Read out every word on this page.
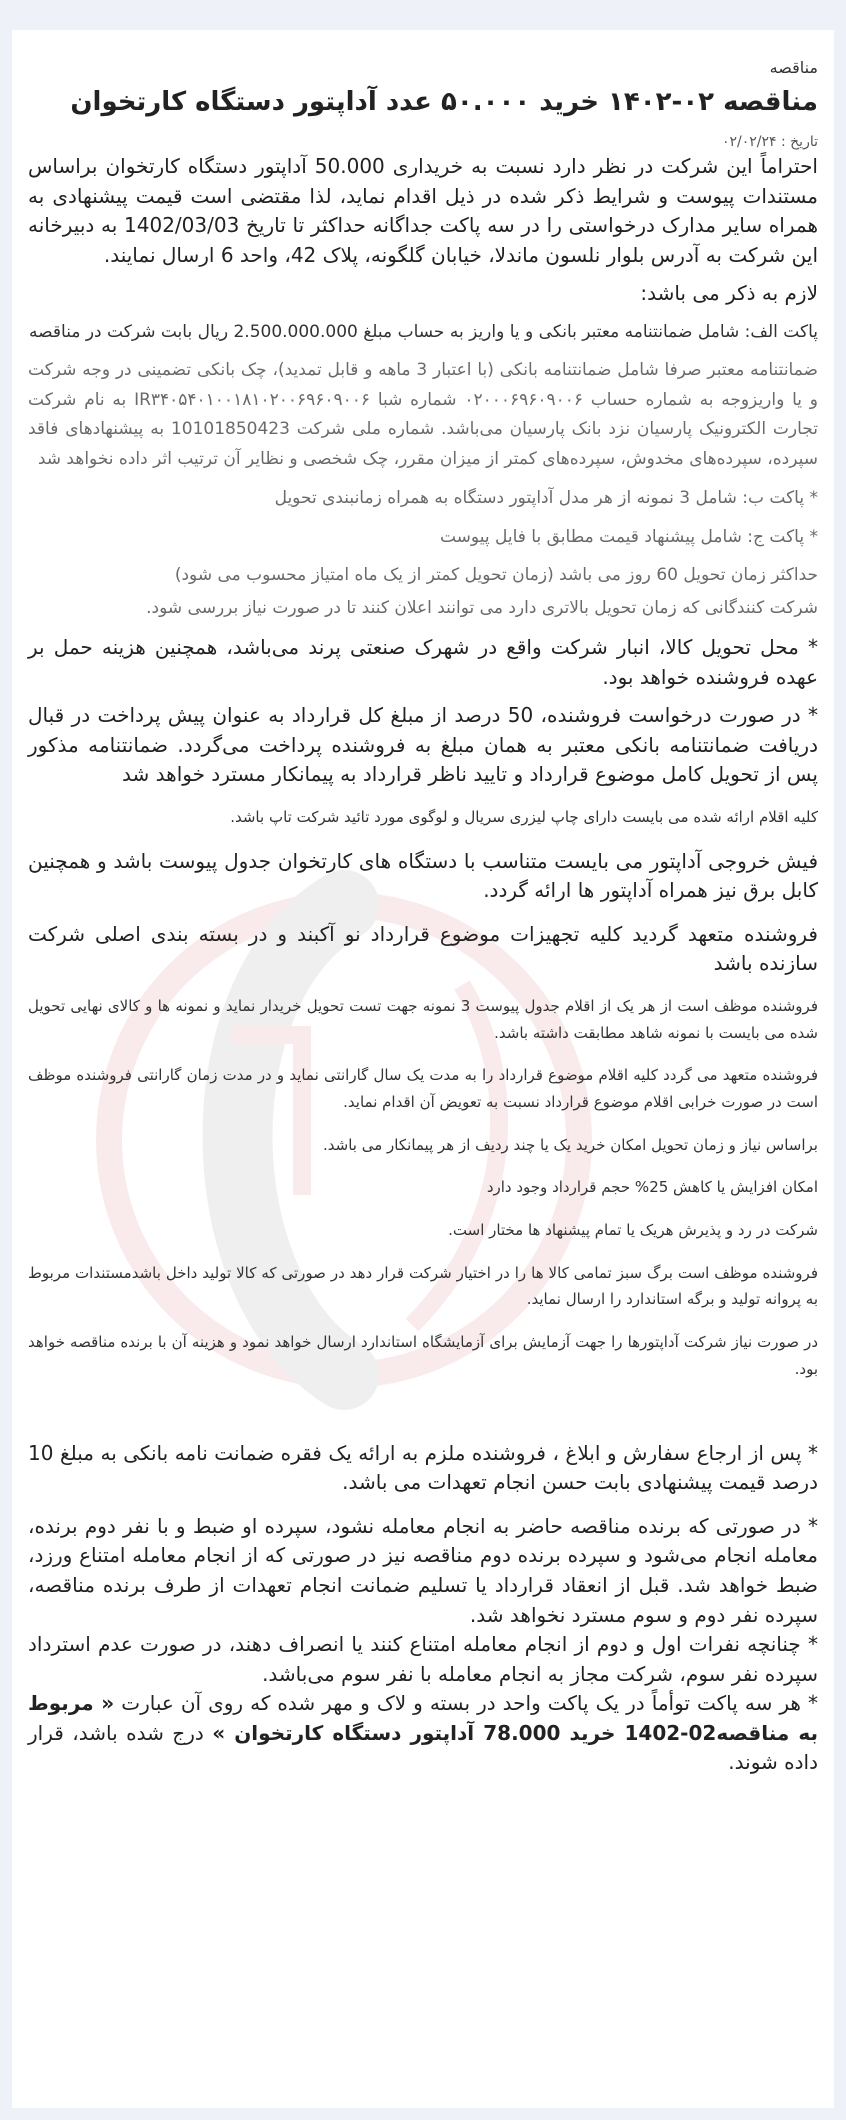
مناقصه
مناقصه ۰۲-۱۴۰۲ خرید ۵۰.۰۰۰ عدد آداپتور دستگاه کارتخوان
تاریخ : ۰۲/۰۲/۲۴

احتراماً این شرکت در نظر دارد نسبت به خریداری 50.000 آداپتور دستگاه کارتخوان براساس مستندات پیوست و شرایط ذکر شده در ذیل اقدام نماید، لذا مقتضی است قیمت پیشنهادی به همراه سایر مدارک درخواستی را در سه پاکت جداگانه حداکثر تا تاریخ 1402/03/03 به دبیرخانه این شرکت به آدرس بلوار نلسون ماندلا، خیابان گلگونه، پلاک 42، واحد 6 ارسال نمایند.

لازم به ذکر می باشد:

پاکت الف: شامل ضمانتنامه معتبر بانکی و یا واریز به حساب مبلغ 2.500.000.000 ریال بابت شرکت در مناقصه

ضمانتنامه معتبر صرفا شامل ضمانتنامه بانکی (با اعتبار 3 ماهه و قابل تمدید)، چک بانکی تضمینی در وجه شرکت و یا واریزوجه به شماره حساب ۰۲۰۰۰۶۹۶۰۹۰۰۶ شماره شبا IR۳۴۰۵۴۰۱۰۰۱۸۱۰۲۰۰۶۹۶۰۹۰۰۶ به نام شرکت تجارت الکترونیک پارسیان نزد بانک پارسیان می‌باشد. شماره ملی شرکت 10101850423 به پیشنهادهای فاقد سپرده، سپرده‌های مخدوش، سپرده‌های کمتر از میزان مقرر، چک شخصی و نظایر آن ترتیب اثر داده نخواهد شد

* پاکت ب: شامل 3 نمونه از هر مدل آداپتور دستگاه به همراه زمانبندی تحویل

* پاکت ج: شامل پیشنهاد قیمت مطابق با فایل پیوست

حداکثر زمان تحویل 60 روز می باشد (زمان تحویل کمتر از یک ماه امتیاز محسوب می شود)

شرکت کنندگانی که زمان تحویل بالاتری دارد می توانند اعلان کنند تا در صورت نیاز بررسی شود.

* محل تحویل کالا، انبار شرکت واقع در شهرک صنعتی پرند می‌باشد، همچنین هزینه حمل بر عهده فروشنده خواهد بود.

* در صورت درخواست فروشنده، 50 درصد از مبلغ کل قرارداد به عنوان پیش پرداخت در قبال دریافت ضمانتنامه بانکی معتبر به همان مبلغ به فروشنده پرداخت می‌گردد. ضمانتنامه مذکور پس از تحویل کامل موضوع قرارداد و تایید ناظر قرارداد به پیمانکار مسترد خواهد شد

کلیه اقلام ارائه شده می بایست دارای چاپ لیزری سریال و لوگوی مورد تائید شرکت تاپ باشد.

فیش خروجی آداپتور می بایست متناسب با دستگاه های کارتخوان جدول پیوست باشد و همچنین کابل برق نیز همراه آداپتور ها ارائه گردد.

فروشنده متعهد گردید کلیه تجهیزات موضوع قرارداد نو آکبند و در بسته بندی اصلی شرکت سازنده باشد

فروشنده موظف است از هر یک از اقلام جدول پیوست 3 نمونه جهت تست تحویل خریدار نماید و نمونه ها و کالای نهایی تحویل شده می بایست با نمونه شاهد مطابقت داشته باشد.

فروشنده متعهد می گردد کلیه اقلام موضوع قرارداد را به مدت یک سال گارانتی نماید و در مدت زمان گارانتی فروشنده موظف است در صورت خرابی اقلام موضوع قرارداد نسبت به تعویض آن اقدام نماید.

براساس نیاز و زمان تحویل امکان خرید یک یا چند ردیف از هر پیمانکار می باشد.

امکان افزایش یا کاهش 25% حجم قرارداد وجود دارد

شرکت در رد و پذیرش هریک یا تمام پیشنهاد ها مختار است.

فروشنده موظف است برگ سبز تمامی کالا ها را در اختیار شرکت قرار دهد در صورتی که کالا تولید داخل باشدمستندات مربوط به پروانه تولید و برگه استاندارد را ارسال نماید.

در صورت نیاز شرکت آداپتورها را جهت آزمایش برای آزمایشگاه استاندارد ارسال خواهد نمود و هزینه آن با برنده مناقصه خواهد بود.

* پس از ارجاع سفارش و ابلاغ ، فروشنده ملزم به ارائه یک فقره ضمانت نامه بانکی به مبلغ 10 درصد قیمت پیشنهادی بابت حسن انجام تعهدات می باشد.

* در صورتی که برنده مناقصه حاضر به انجام معامله نشود، سپرده او ضبط و با نفر دوم برنده، معامله انجام می‌شود و سپرده برنده دوم مناقصه نیز در صورتی که از انجام معامله امتناع ورزد، ضبط خواهد شد. قبل از انعقاد قرارداد یا تسلیم ضمانت انجام تعهدات از طرف برنده مناقصه، سپرده نفر دوم و سوم مسترد نخواهد شد.

* چنانچه نفرات اول و دوم از انجام معامله امتناع کنند یا انصراف دهند، در صورت عدم استرداد سپرده نفر سوم، شرکت مجاز به انجام معامله با نفر سوم می‌باشد.

* هر سه پاکت توأماً در یک پاکت واحد در بسته و لاک و مهر شده که روی آن عبارت « مربوط به مناقصه02-1402 خرید 78.000 آداپتور دستگاه کارتخوان » درج شده باشد، قرار داده شوند.
